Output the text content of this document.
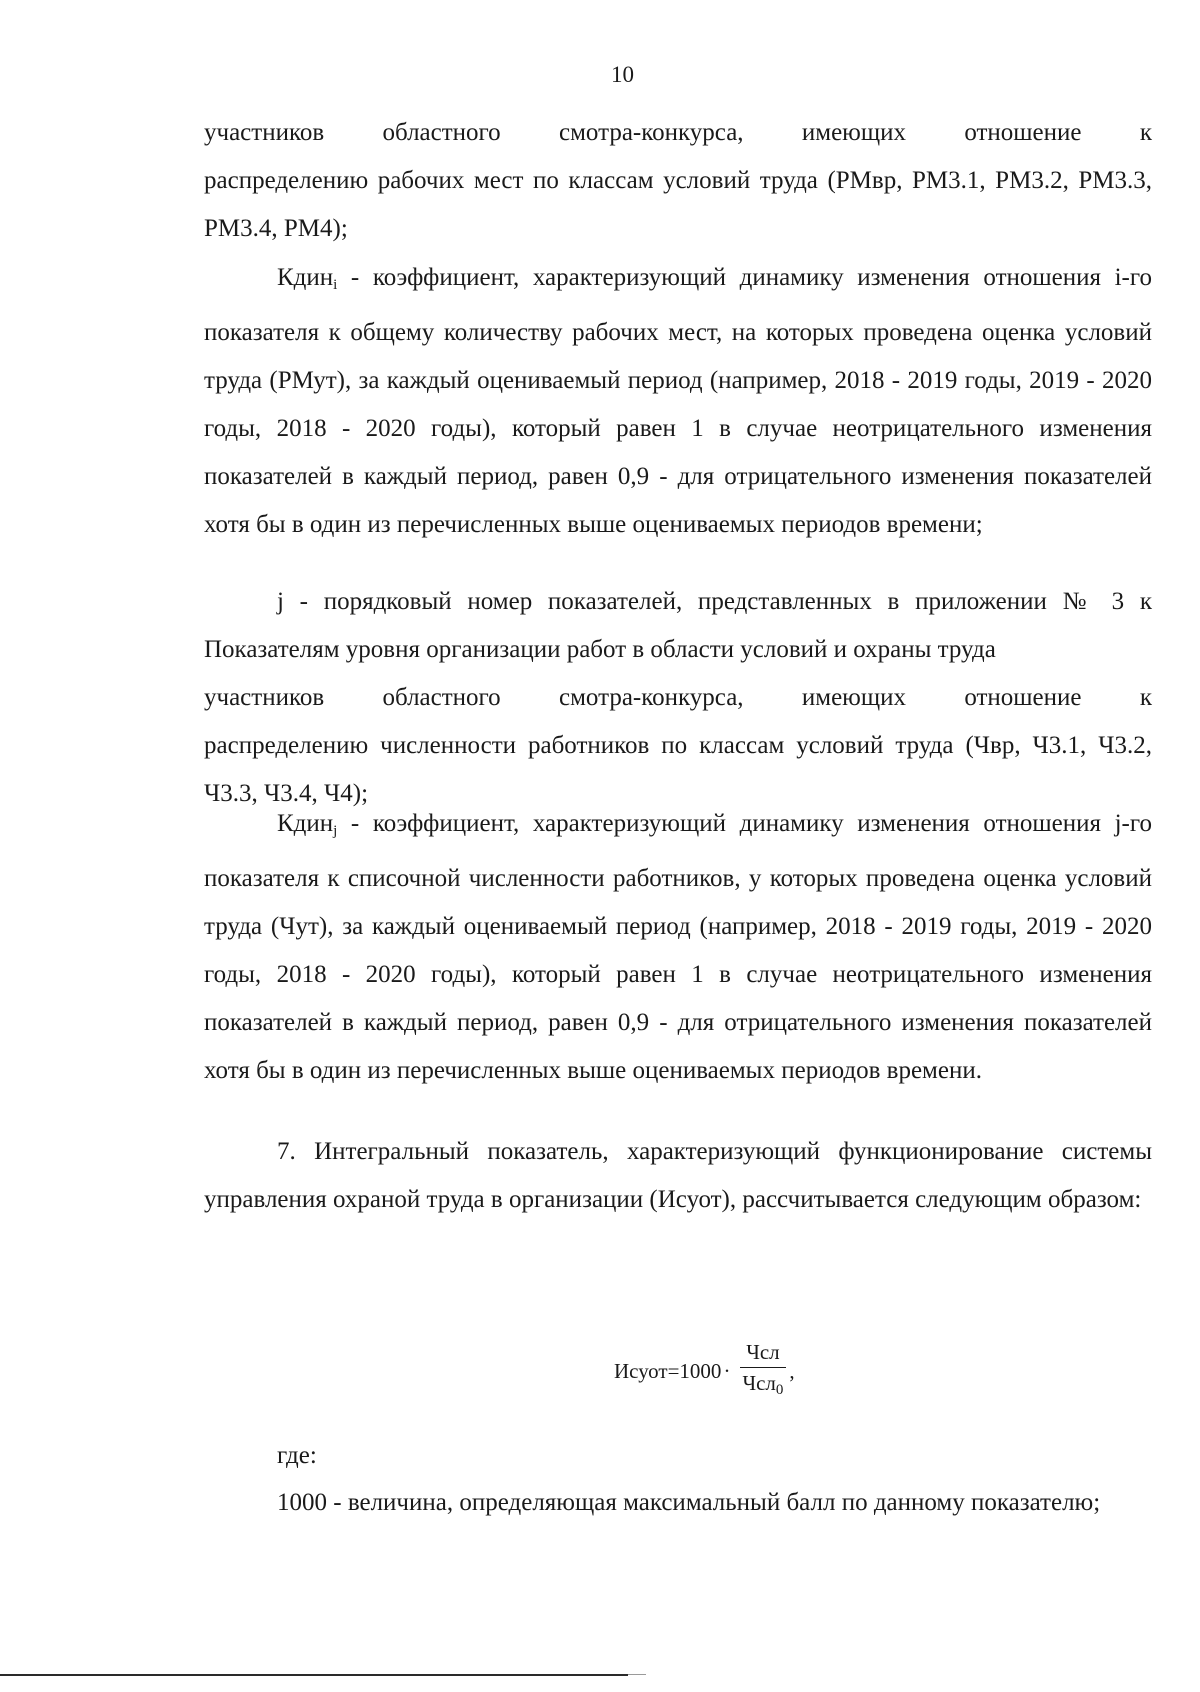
10
участников областного смотра-конкурса, имеющих отношение к
распределению рабочих мест по классам условий труда (РМвр, РМ3.1, РМ3.2, РМ3.3, РМ3.4, РМ4);
Кдин$_i$ - коэффициент, характеризующий динамику изменения отношения i-го показателя к общему количеству рабочих мест, на которых проведена оценка условий труда (РМут), за каждый оцениваемый период (например, 2018 - 2019 годы, 2019 - 2020 годы, 2018 - 2020 годы), который равен 1 в случае неотрицательного изменения показателей в каждый период, равен 0,9 - для отрицательного изменения показателей хотя бы в один из перечисленных выше оцениваемых периодов времени;
j - порядковый номер показателей, представленных в приложении № 3 к Показателям уровня организации работ в области условий и охраны труда
участников областного смотра-конкурса, имеющих отношение к
распределению численности работников по классам условий труда (Чвр, Ч3.1, Ч3.2, Ч3.3, Ч3.4, Ч4);
Кдин$_j$ - коэффициент, характеризующий динамику изменения отношения j-го показателя к списочной численности работников, у которых проведена оценка условий труда (Чут), за каждый оцениваемый период (например, 2018 - 2019 годы, 2019 - 2020 годы, 2018 - 2020 годы), который равен 1 в случае неотрицательного изменения показателей в каждый период, равен 0,9 - для отрицательного изменения показателей хотя бы в один из перечисленных выше оцениваемых периодов времени.
7. Интегральный показатель, характеризующий функционирование системы управления охраной труда в организации (Исуот), рассчитывается следующим образом:
Исуот=1000 · $\frac{\text{Чсл}}{Чсл_0}$ ,
где:
1000 - величина, определяющая максимальный балл по данному показателю;
